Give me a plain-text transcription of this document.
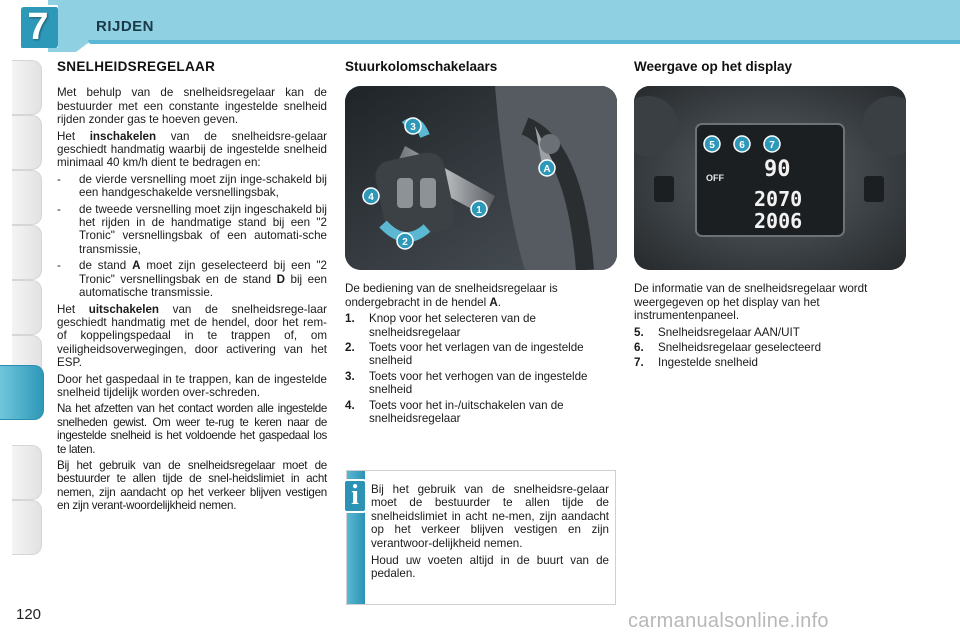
7	RIJDEN
120
SNELHEIDSREGELAAR

Met behulp van de snelheidsregelaar kan de bestuurder met een constante ingestelde snelheid rijden zonder gas te hoeven geven.

Het inschakelen van de snelheidsre-gelaar geschiedt handmatig waarbij de ingestelde snelheid minimaal 40 km/h dient te bedragen en:

-	de vierde versnelling moet zijn inge-schakeld bij een handgeschakelde versnellingsbak,
-	de tweede versnelling moet zijn ingeschakeld bij het rijden in de handmatige stand bij een "2 Tronic" versnellingsbak of een automati-sche transmissie,
-	de stand A moet zijn geselecteerd bij een "2 Tronic" versnellingsbak en de stand D bij een automatische transmissie.

Het uitschakelen van de snelheidsrege-laar geschiedt handmatig met de hendel, door het rem- of koppelingspedaal in te trappen of, om veiligheidsoverwegingen, door activering van het ESP.

Door het gaspedaal in te trappen, kan de ingestelde snelheid tijdelijk worden over-schreden.

Na het afzetten van het contact worden alle ingestelde snelheden gewist. Om weer te-rug te keren naar de ingestelde snelheid is het voldoende het gaspedaal los te laten.

Bij het gebruik van de snelheidsregelaar moet de bestuurder te allen tijde de snel-heidslimiet in acht nemen, zijn aandacht op het verkeer blijven vestigen en zijn verant-woordelijkheid nemen.

Stuurkolomschakelaars
3
4
1
2
A

De bediening van de snelheidsregelaar is ondergebracht in de hendel A.

1.	Knop voor het selecteren van de snelheidsregelaar
2.	Toets voor het verlagen van de ingestelde snelheid
3.	Toets voor het verhogen van de ingestelde snelheid
4.	Toets voor het in-/uitschakelen van de snelheidsregelaar
Weergave op het display
OFF 90
2070
2006
5 6 7

De informatie van de snelheidsregelaar wordt weergegeven op het display van het instrumentenpaneel.

5.	Snelheidsregelaar AAN/UIT
6.	Snelheidsregelaar geselecteerd
7.	Ingestelde snelheid
i	Bij het gebruik van de snelheidsre-gelaar moet de bestuurder te allen tijde de snelheidslimiet in acht ne-men, zijn aandacht op het verkeer blijven vestigen en zijn verantwoor-delijkheid nemen.

Houd uw voeten altijd in de buurt van de pedalen.

carmanualsonline.info
